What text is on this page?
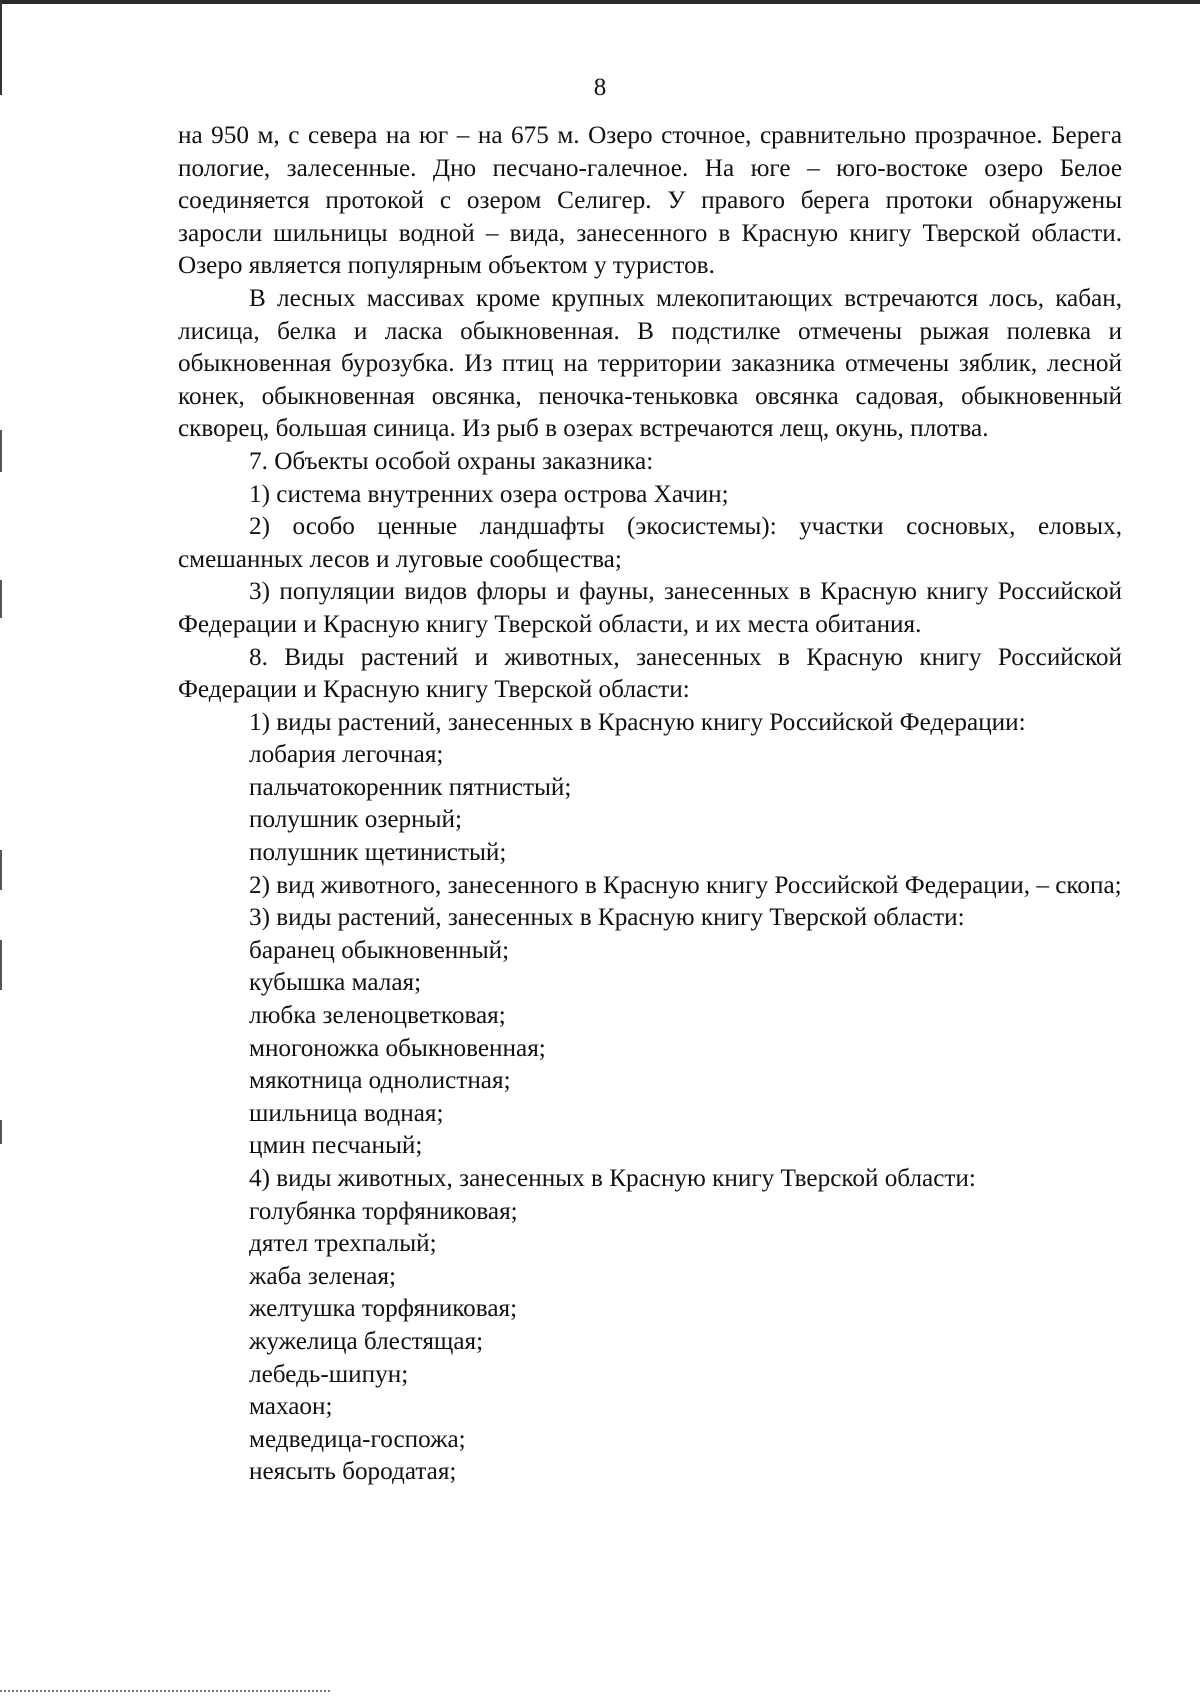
8

на 950 м, с севера на юг – на 675 м. Озеро сточное, сравнительно прозрачное. Берега пологие, залесенные. Дно песчано-галечное. На юге – юго-востоке озеро Белое соединяется протокой с озером Селигер. У правого берега протоки обнаружены заросли шильницы водной – вида, занесенного в Красную книгу Тверской области. Озеро является популярным объектом у туристов.

В лесных массивах кроме крупных млекопитающих встречаются лось, кабан, лисица, белка и ласка обыкновенная. В подстилке отмечены рыжая полевка и обыкновенная бурозубка. Из птиц на территории заказника отмечены зяблик, лесной конек, обыкновенная овсянка, пеночка-теньковка овсянка садовая, обыкновенный скворец, большая синица. Из рыб в озерах встречаются лещ, окунь, плотва.

7. Объекты особой охраны заказника:

1) система внутренних озера острова Хачин;

2) особо ценные ландшафты (экосистемы): участки сосновых, еловых, смешанных лесов и луговые сообщества;

3) популяции видов флоры и фауны, занесенных в Красную книгу Российской Федерации и Красную книгу Тверской области, и их места обитания.

8. Виды растений и животных, занесенных в Красную книгу Российской Федерации и Красную книгу Тверской области:

1) виды растений, занесенных в Красную книгу Российской Федерации:

лобария легочная;

пальчатокоренник пятнистый;

полушник озерный;

полушник щетинистый;

2) вид животного, занесенного в Красную книгу Российской Федерации, – скопа;

3) виды растений, занесенных в Красную книгу Тверской области:

баранец обыкновенный;

кубышка малая;

любка зеленоцветковая;

многоножка обыкновенная;

мякотница однолистная;

шильница водная;

цмин песчаный;

4) виды животных, занесенных в Красную книгу Тверской области:

голубянка торфяниковая;

дятел трехпалый;

жаба зеленая;

желтушка торфяниковая;

жужелица блестящая;

лебедь-шипун;

махаон;

медведица-госпожа;

неясыть бородатая;
